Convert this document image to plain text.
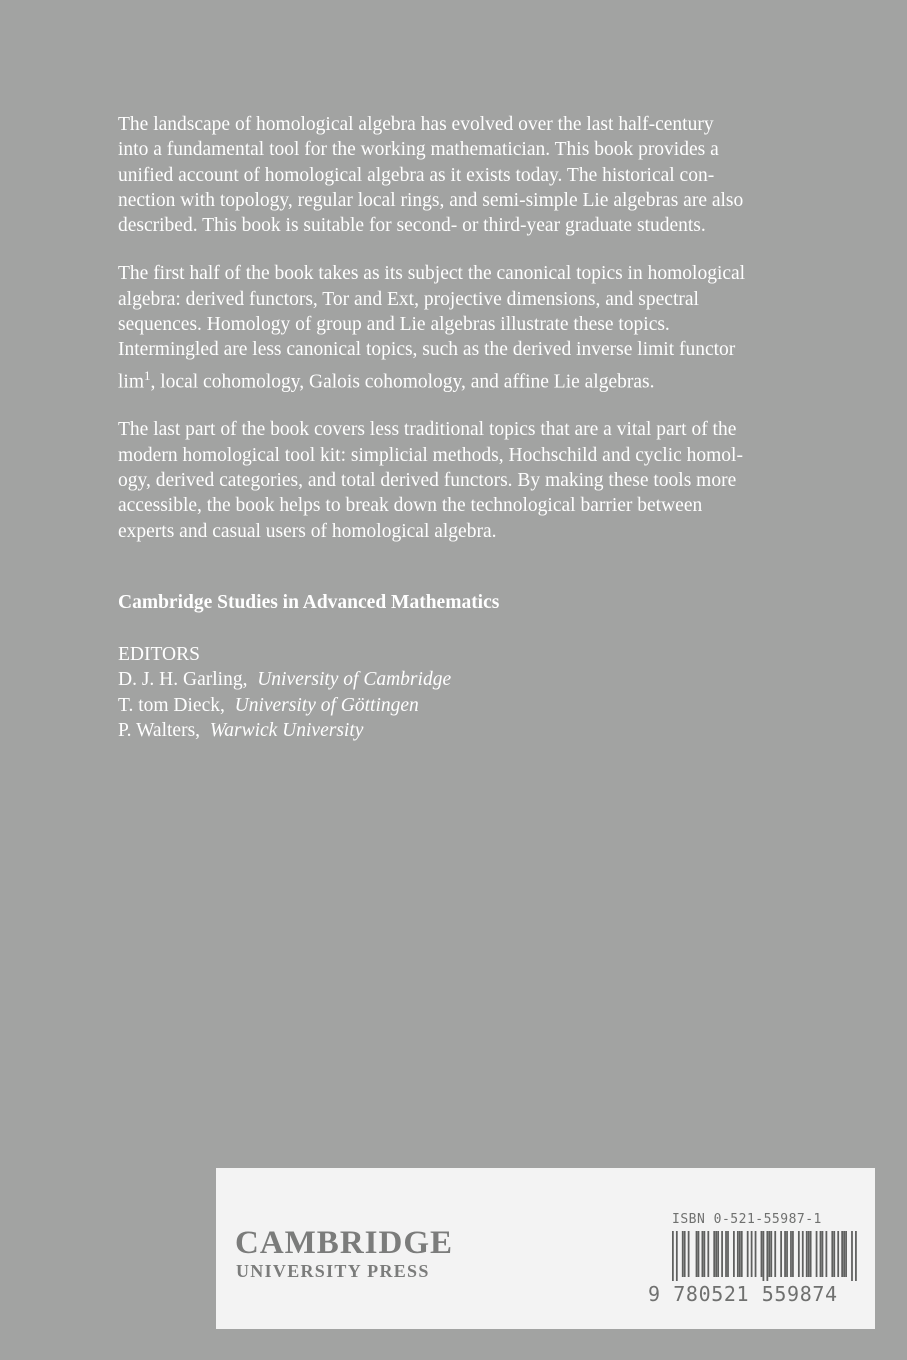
The landscape of homological algebra has evolved over the last half-century
into a fundamental tool for the working mathematician. This book provides a
unified account of homological algebra as it exists today. The historical con-
nection with topology, regular local rings, and semi-simple Lie algebras are also
described. This book is suitable for second- or third-year graduate students.

The first half of the book takes as its subject the canonical topics in homological
algebra: derived functors, Tor and Ext, projective dimensions, and spectral
sequences. Homology of group and Lie algebras illustrate these topics.
Intermingled are less canonical topics, such as the derived inverse limit functor
$\lim^1$, local cohomology, Galois cohomology, and affine Lie algebras.

The last part of the book covers less traditional topics that are a vital part of the
modern homological tool kit: simplicial methods, Hochschild and cyclic homol-
ogy, derived categories, and total derived functors. By making these tools more
accessible, the book helps to break down the technological barrier between
experts and casual users of homological algebra.

Cambridge Studies in Advanced Mathematics
EDITORS
D. J. H. Garling, University of Cambridge
T. tom Dieck, University of Göttingen
P. Walters, Warwick University
CAMBRIDGE
UNIVERSITY PRESS
ISBN 0-521-55987-1
9 780521 559874
